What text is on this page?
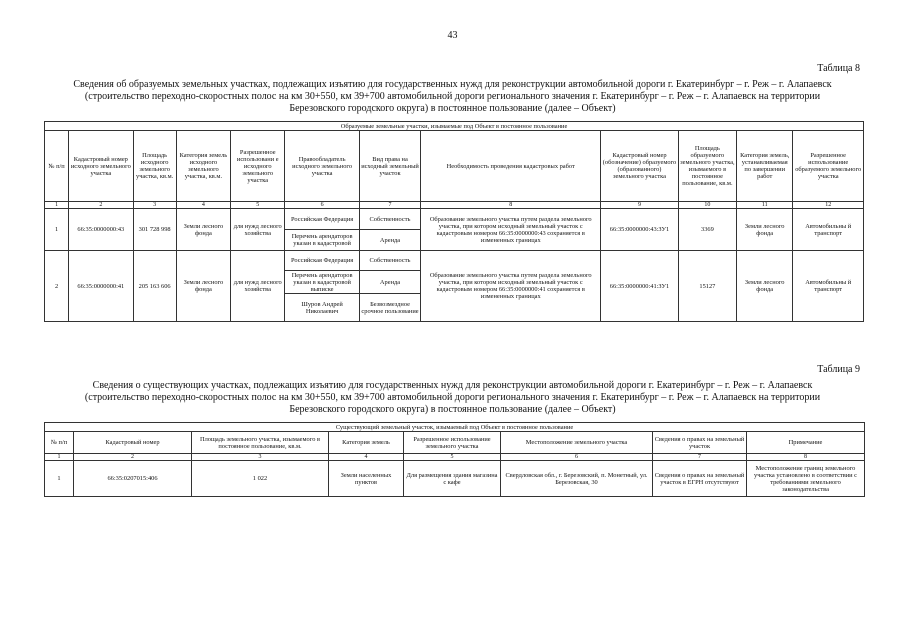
43
Таблица 8
Сведения об образуемых земельных участках, подлежащих изъятию для государственных нужд для реконструкции автомобильной дороги г. Екатеринбург – г. Реж – г. Алапаевск
(строительство переходно-скоростных полос на км 30+550, км 39+700 автомобильной дороги регионального значения г. Екатеринбург – г. Реж – г. Алапаевск на территории
Березовского городского округа) в постоянное пользование (далее – Объект)
Образуемые земельные участки, изымаемые под Объект в постоянное пользование											
№ п/п	Кадастровый номер исходного земельного участка	Площадь исходного земельного участка, кв.м.	Категория земель исходного земельного участка, кв.м.	Разрешенное использовани е исходного земельного участка	Правообладатель исходного земельного участка	Вид права на исходный земельный участок	Необходимость проведения кадастровых работ	Кадастровый номер (обозначение) образуемого (образованного) земельного участка	Площадь образуемого земельного участка, изымаемого в постоянное пользование, кв.м.	Категория земель, устанавливаемая по завершении работ	Разрешенное использование образуемого земельного участка
1	2	3	4	5	6	7	8	9	10	11	12
1	66:35:0000000:43	301 728 998	Земли лесного фонда	для нужд лесного хозяйства	Российская Федерация	Собственность	Образование земельного участка путем раздела земельного участка, при котором исходный земельный участок с кадастровым номером 66:35:0000000:43 сохраняется в измененных границах	66:35:0000000:43:ЗУ1	3369	Земли лесного фонда	Автомобильны й транспорт
					Перечень арендаторов указан в кадастровой	Аренда					
2	66:35:0000000:41	205 163 606	Земли лесного фонда	для нужд лесного хозяйства	Российская Федерация	Собственность	Образование земельного участка путем раздела земельного участка, при котором исходный земельный участок с кадастровым номером 66:35:0000000:41 сохраняется в измененных границах	66:35:0000000:41:ЗУ1	15127	Земли лесного фонда	Автомобильны й транспорт
					Перечень арендаторов указан в кадастровой выписке	Аренда					
					Шуров Андрей Николаевич	Безвозмездное срочное пользование					
Таблица 9
Сведения о существующих участках, подлежащих изъятию для государственных нужд для реконструкции автомобильной дороги г. Екатеринбург – г. Реж – г. Алапаевск
(строительство переходно-скоростных полос на км 30+550, км 39+700 автомобильной дороги регионального значения г. Екатеринбург – г. Реж – г. Алапаевск на территории
Березовского городского округа) в постоянное пользование (далее – Объект)
Существующий земельный участок, изымаемый под Объект в постоянное пользование							
№ п/п	Кадастровый номер	Площадь земельного участка, изымаемого в постоянное пользование, кв.м.	Категория земель	Разрешенное использование земельного участка	Местоположение земельного участка	Сведения о правах на земельный участок	Примечание
1	2	3	4	5	6	7	8
1	66:35:0207015:406	1 022	Земли населенных пунктов	Для размещения здания магазина с кафе	Свердловская обл., г. Березовский, п. Монетный, ул. Березовская, 30	Сведения о правах на земельный участок в ЕГРН отсутствуют	Местоположение границ земельного участка установлено в соответствии с требованиями земельного законодательства
